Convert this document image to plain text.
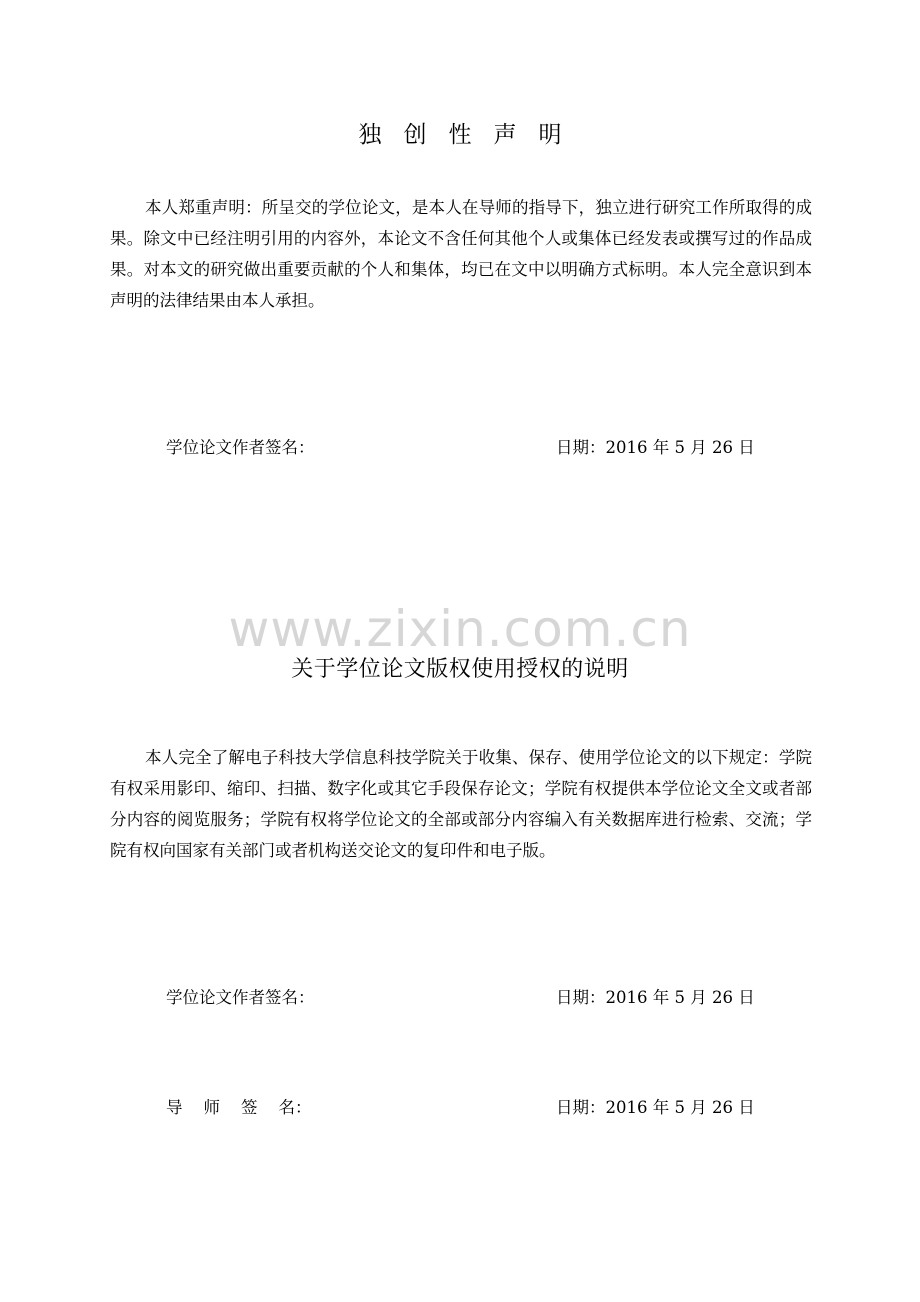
独创性声明

本人郑重声明：所呈交的学位论文，是本人在导师的指导下，独立进行研究工作所取得的成果。除文中已经注明引用的内容外，本论文不含任何其他个人或集体已经发表或撰写过的作品成果。对本文的研究做出重要贡献的个人和集体，均已在文中以明确方式标明。本人完全意识到本声明的法律结果由本人承担。

学位论文作者签名：	日期：2016 年 5 月 26 日
www.zixin.com.cn
关于学位论文版权使用授权的说明

本人完全了解电子科技大学信息科技学院关于收集、保存、使用学位论文的以下规定：学院有权采用影印、缩印、扫描、数字化或其它手段保存论文；学院有权提供本学位论文全文或者部分内容的阅览服务；学院有权将学位论文的全部或部分内容编入有关数据库进行检索、交流；学院有权向国家有关部门或者机构送交论文的复印件和电子版。

学位论文作者签名：	日期：2016 年 5 月 26 日
导    师    签    名：	日期：2016 年 5 月 26 日
